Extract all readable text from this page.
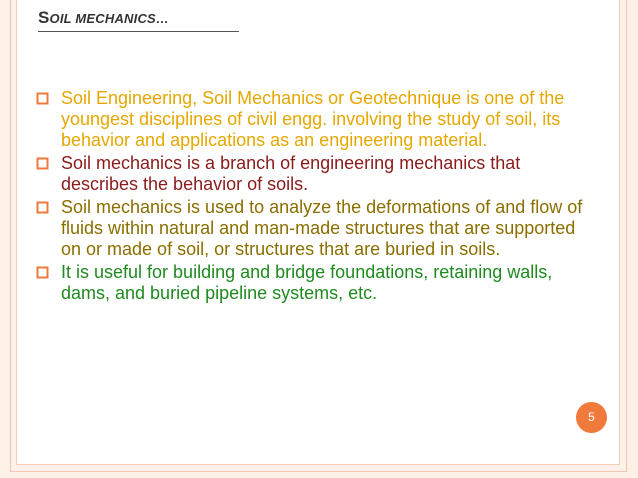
SOIL MECHANICS…
Soil Engineering, Soil Mechanics or Geotechnique is one of the youngest disciplines of civil engg. involving the study of soil, its behavior and applications as an engineering material.
Soil mechanics is a branch of engineering mechanics that describes the behavior of soils.
Soil mechanics is used to analyze the deformations of and flow of fluids within natural and man-made structures that are supported on or made of soil, or structures that are buried in soils.
It is useful for building and bridge foundations, retaining walls, dams, and buried pipeline systems, etc.
5
